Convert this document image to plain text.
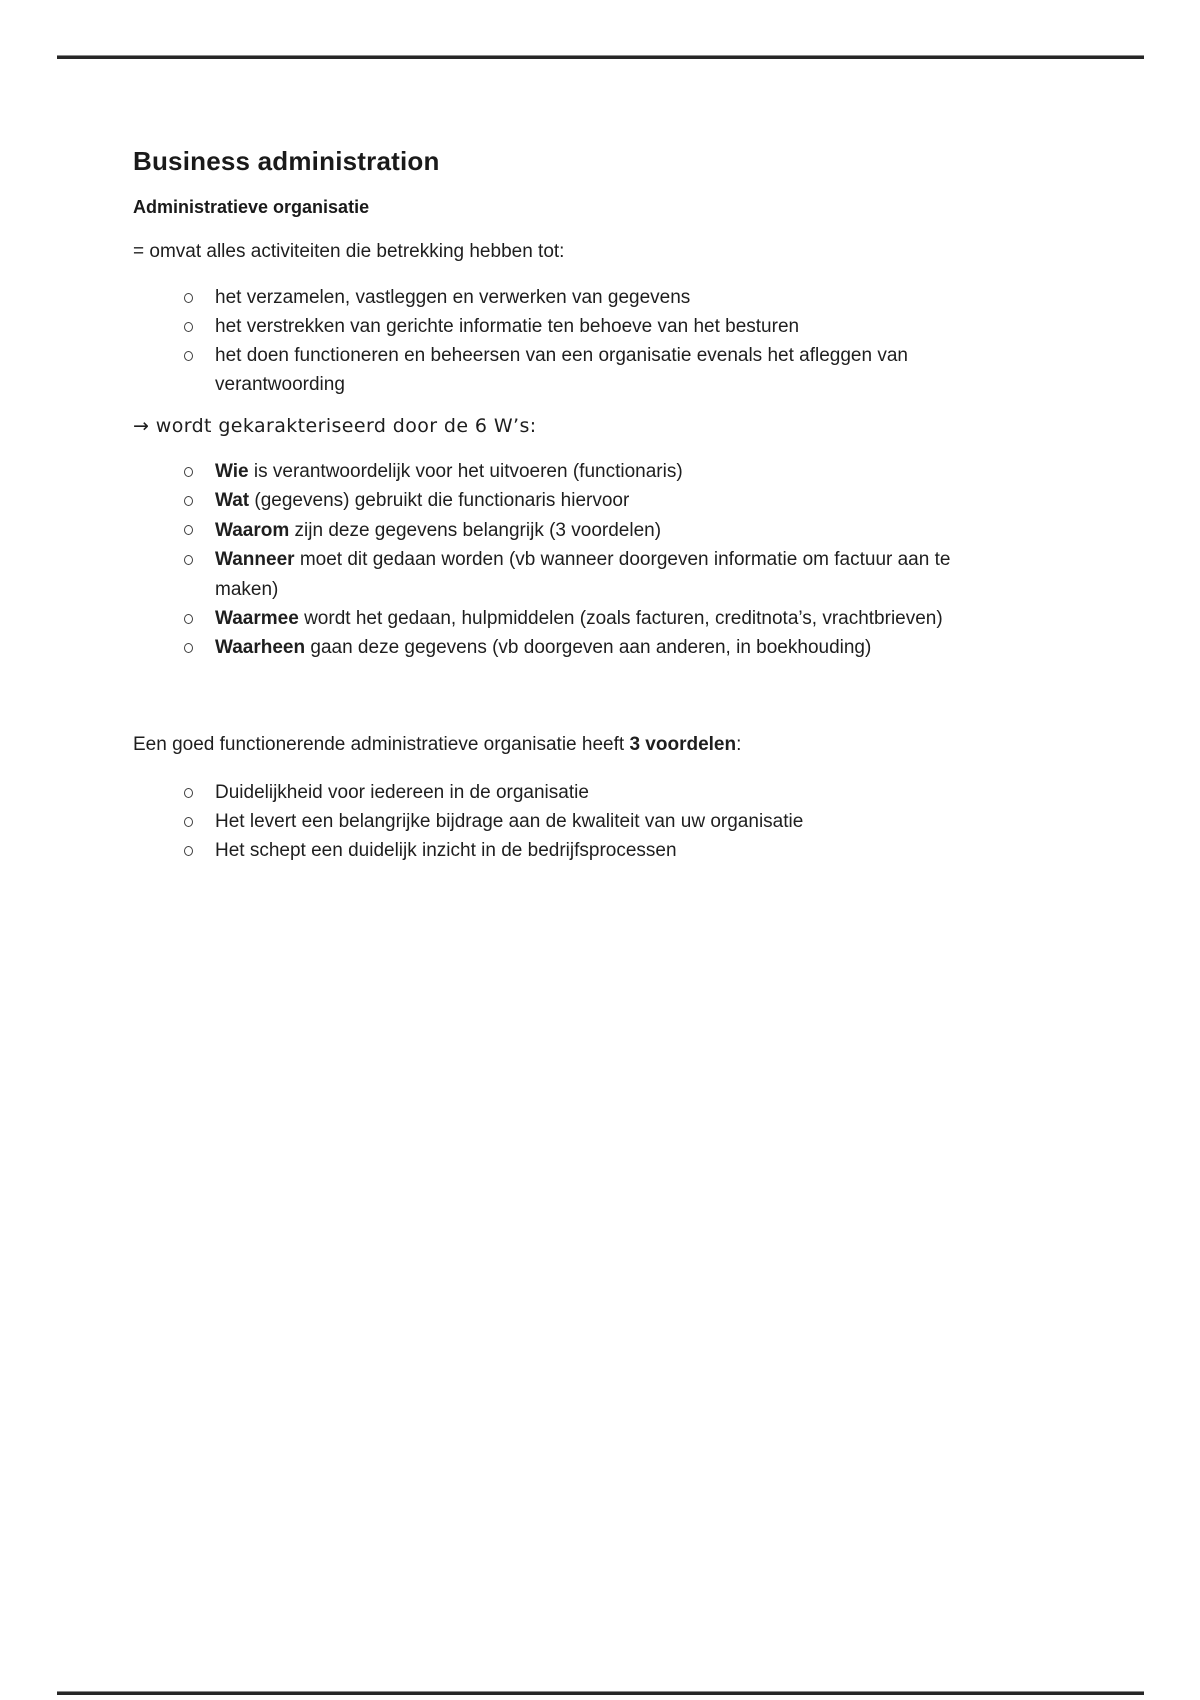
Business administration
Administratieve organisatie

= omvat alles activiteiten die betrekking hebben tot:

het verzamelen, vastleggen en verwerken van gegevens
het verstrekken van gerichte informatie ten behoeve van het besturen
het doen functioneren en beheersen van een organisatie evenals het afleggen van verantwoording

→ wordt gekarakteriseerd door de 6 W’s:

Wie is verantwoordelijk voor het uitvoeren (functionaris)
Wat (gegevens) gebruikt die functionaris hiervoor
Waarom zijn deze gegevens belangrijk (3 voordelen)
Wanneer moet dit gedaan worden (vb wanneer doorgeven informatie om factuur aan te maken)
Waarmee wordt het gedaan, hulpmiddelen (zoals facturen, creditnota’s, vrachtbrieven)
Waarheen gaan deze gegevens (vb doorgeven aan anderen, in boekhouding)

Een goed functionerende administratieve organisatie heeft 3 voordelen:

Duidelijkheid voor iedereen in de organisatie
Het levert een belangrijke bijdrage aan de kwaliteit van uw organisatie
Het schept een duidelijk inzicht in de bedrijfsprocessen
